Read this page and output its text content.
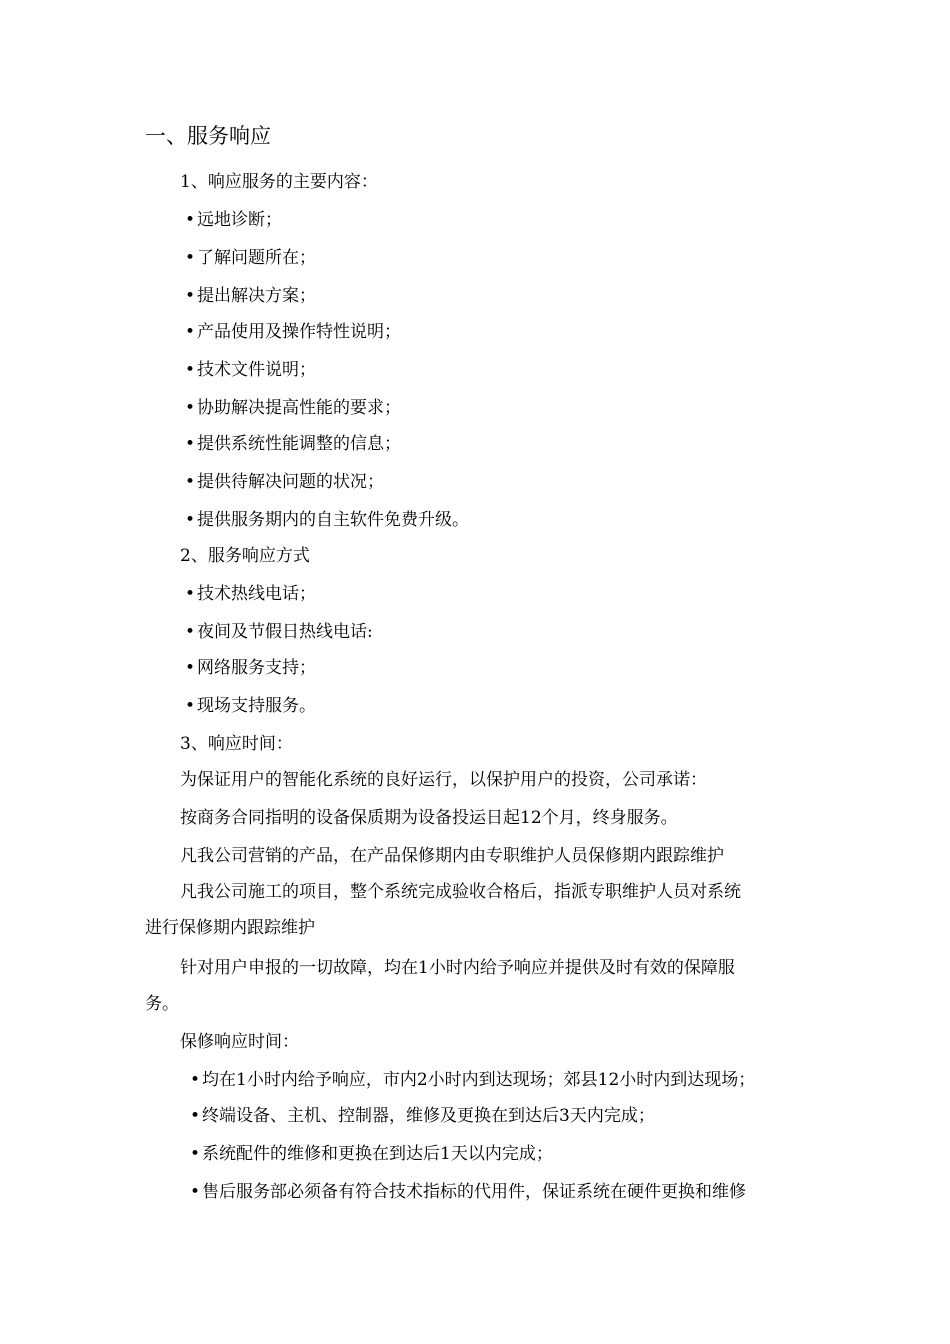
一、服务响应
1、响应服务的主要内容：
• 远地诊断；
• 了解问题所在；
• 提出解决方案；
• 产品使用及操作特性说明；
• 技术文件说明；
• 协助解决提高性能的要求；
• 提供系统性能调整的信息；
• 提供待解决问题的状况；
• 提供服务期内的自主软件免费升级。
2、服务响应方式
• 技术热线电话；
• 夜间及节假日热线电话:
• 网络服务支持；
• 现场支持服务。
3、响应时间：
为保证用户的智能化系统的良好运行，以保护用户的投资，公司承诺：
按商务合同指明的设备保质期为设备投运日起12个月，终身服务。
凡我公司营销的产品，在产品保修期内由专职维护人员保修期内跟踪维护
凡我公司施工的项目，整个系统完成验收合格后，指派专职维护人员对系统
进行保修期内跟踪维护
针对用户申报的一切故障，均在1小时内给予响应并提供及时有效的保障服
务。
保修响应时间：
• 均在1小时内给予响应，市内2小时内到达现场；郊县12小时内到达现场；
• 终端设备、主机、控制器，维修及更换在到达后3天内完成；
• 系统配件的维修和更换在到达后1天以内完成；
• 售后服务部必须备有符合技术指标的代用件，保证系统在硬件更换和维修
